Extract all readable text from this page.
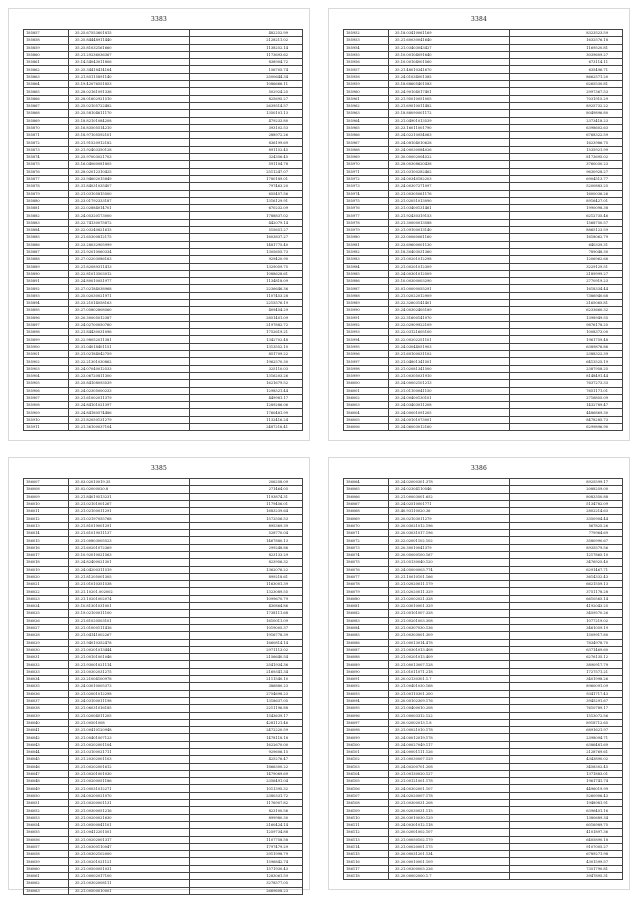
3383
185857	35.25.67553601815	482252.99
185858	35.25.84448911440	2128211.02
185859	35.25.81032161660	1138252.14
185860	35.21.29236036367	1173693.62
185861	35.14.54043011806	838904.72
185862	35.25.34418414164	156705.74
185863	35.21.85115891140	2500644.34
185864	35.19.42076551853	1086666.11
185865	35.28.02161091336	502924.25
185866	35.28.01602921510	825695.27
185867	35.25.02105722482	2639514.57
185868	35.25.58104611170	1350101.13
185869	35.18.82101084208	479233.80
185870	35.16.83505514210	393102.53
185871	35.18.97105592101	288972.26
185872	35.21.91520912182	836199.69
185873	35.21.92403350128	891152.45
185874	35.25.97003021703	324356.45
185875	35.16.04060081805	591104.78
185876	35.28.02012310425	2511247.07
185877	35.23.94602015849	1780189.01
185878	35.31.84031035407	797463.20
185879	35.21.03105815500	655457.56
185880	35.23.01792333187	1316129.91
185881	35.22.02884014701	670232.09
185882	35.24.05320173000	1788837.02
185883	35.22.74130075872	442079.14
185884	35.22.03240821615	515651.27
185885	35.21.65300812175	1603837.27
185886	35.23.28032905999	1481775.40
185887	35.21.92010060334	1305655.73
185888	35.27.02203086163	929420.90
185889	35.21.82089311413	1329059.75
185890	35.22.81013503012	1088628.61
185891	35.24.80010051977	1134818.09
185892	35.27.02184038968	2236646.36
185893	35.25.02030021971	1107453.28
185894	35.23.21014058163	2215576.19
185895	35.27.05802808560	409454.29
185896	35.20.30005012387	2851401.09
185897	35.24.02700050760	2197882.72
185898	35.21.84430031096	1752619.21
185899	35.22.98052011381	1342702.48
185900	35.31.04018401151	1313552.10
185901	35.21.02184042759	851709.22
185902	35.22.21301030862	1962570.30
185903	35.24.07040012533	325110.03
185904	35.23.06720811300	1316203.26
185905	35.25.84108093539	1621679.52
185906	35.24.02305000233	1298521.44
185907	35.21.61002011379	449981.17
185908	35.24.84101021397	1289286.06
185909	35.24.84180574486	1760481.99
185910	35.21.82050131279	1132416.24
185911	35.21.36100037104	2487216.41
3384
185952	35.18.03410061169	8323523.59
185953	35.21.60030041640	1632576.18
185954	35.21.03403043427	1169520.81
185955	35.10.00104091640	3039609.27
185956	35.10.00104001560	673114.11
185957	35.21.48010341670	635496.71
185958	35.24.01034001385	8662571.20
185959	35.18.68605401583	6265530.81
185960	35.24.90104017401	2997367.53
185961	35.21.95010051005	7031915.29
185962	35.21.69010011482	8925732.22
185963	35.18.88090001172	8049896.80
185964	35.21.04901013539	2373418.23
185965	35.23.16011001790	6398602.63
185966	35.24.02210054063	6768322.59
185967	35.24.08104010628	1623986.75
185968	35.24.00030084026	1535921.99
185969	35.30.00002004522	8173695.02
185970	35.28.00308620438	3760030.23
185971	35.21.03100282462	9630928.27
185972	35.24.00340182203	6904513.77
185973	35.24.00307271097	5200883.25
185974	35.21.00305061176	1600036.26
185975	35.21.02051013090	8916427.01
185976	35.21.03400131461	1990098.38
185977	35.21.92430319153	6212735.46
185978	35.21.30000013588	1568750.57
185979	35.21.09100013140	8865123.59
185980	35.23.00060061160	1618062.79
185981	35.23.69600001130	640339.31
185982	35.18.30403031360	789048.30
185983	35.21.00201012298	1206962.66
185984	35.21.00201012309	3229129.51
185985	35.24.00301012509	2189999.27
185986	35.10.00300003290	2770919.23
185987	35.01.00000055291	1618334.44
185988	35.21.02022012909	7386940.68
185989	35.22.32603141401	2165065.81
185990	35.24.00302405189	6233660.32
185991	35.22.31600141070	1398949.55
185992	35.22.02909922109	9876178.25
185993	35.22.03121605100	1008373.00
185994	35.22.00202251101	1961759.48
185995	35.24.03044051903	6389876.86
185996	35.21.60100031102	2388322.39
185997	35.21.04801341501	6413525.19
185998	35.21.02081341500	2387958.25
185999	35.21.00305031910	8148491.44
186000	35.24.00002101213	7637273.33
186001	35.21.01100041150	7651171.01
186002	35.24.00400130101	2716855.09
186003	35.24.03403011208	1432789.47
186004	35.24.00001091205	4486869.30
186005	35.24.00101073001	8478285.73
186006	35.24.06003012160	6299896.90
3385
186007	35.03.02010019.35	206258.09
186008	35.02.02000020.8	271464.05
186009	35.21.84019513231	1193874.31
186010	35.21.02101001267	1179456.01
186011	35.21.02100011291	1683239.64
186012	35.21.02197055768	1572556.53
186013	35.21.81019001291	895369.39
186014	35.21.61019011137	528770.04
186015	35.21.00803005523	1467880.13
186016	35.21.60201072369	299248.86
186017	35.10.92010021563	823133.29
186018	35.24.82400021301	823956.32
186019	35.24.04200311519	1362076.22
186020	35.21.81205001305	899218.61
186021	35.21.01010351538	1163001.39
186022	35.21.10201.002002	1323089.55
186023	35.21.10201002074	1099670.79
186024	35.10.81301031001	430864.86
186025	35.19.02100011100	1738111.68
186026	35.21.61020503101	1610011.09
186027	35.21.01000111416	1019005.37
186028	35.21.04141002267	1916778.39
186029	35.21.94010352478	1660814.14
186030	35.21.00201013444	2971113.02
186031	35.21.00101001046	2156640.54
186032	35.21.93001021114	2541934.36
186033	35.21.00302031275	2169341.34
186034	35.23.21004100978	2111540.10
186035	35.24.03010005373	386880.23
186036	35.21.02001012298	2754698.23
186037	35.24.03100011198	1318637.05
186038	35.21.06031016185	2211196.88
186039	35.21.02004011205	1543639.17
186040	35.21.00501008	4281121.46
186041	35.21.00410120948	2472220.59
186042	35.21.00401007123	1478118.18
186043	35.21.00202001104	1622670.00
186044	35.21.03100021711	929606.15
186045	35.21.20302001103	425276.47
186046	35.21.00202001612	1866300.22
186047	35.21.00201001030	1479069.69
186048	35.21.00200051186	2356491.04
186049	35.21.00031012271	1011395.32
186050	35.24.00200021070	2380331.72
186051	35.21.00200001131	1176907.82
186052	35.21.00300051216	823100.56
186053	35.21.00200021630	899980.30
186054	35.21.00500041101	2160424.14
186055	35.21.00412201501	1259734.88
186056	35.21.00202001317	1107758.58
186057	35.21.00300110047	1797479.29
186058	35.21.00302102000	2911998.79
186059	35.21.00201021121	1596842.74
186060	35.21.00500051031	1571930.43
186061	35.21.00002017100	1283061.59
186062	35.21.00302008111	3278577.05
186063	35.21.00500010001	2669608.23
3386
186064	35.24.02000301.378	8925599.17
186065	35.24.02304110546	2088259.00
186066	35.21.00003001.652	8083350.88
186067	35.24.02510001771	5134782.09
186068	35.40.93110020.36	2802214.63
186069	35.20.02103011279	3350904.44
186070	35.20.03021012.196	567825.26
186071	35.20.03031017.196	779964.69
186072	35.22.02001102.102	3580990.67
186073	35.20.30010041379	8935579.56
186074	35.20.05000100.167	1217865.10
186075	35.21.05130040.120	3476925.40
186076	35.24.05000003.774	6291467.71
186077	35.21.10010101.166	3614332.43
186078	35.21.02020011.179	6621559.13
186079	35.21.02020011.329	3751178.28
186080	35.21.02002021.328	6610565.14
186081	35.22.03010001.329	4192043.25
186082	35.21.00101007.328	3459570.26
186083	35.21.00201003.308	1077219.02
186084	35.21.00307030.136	3461059.19
186085	35.21.00303001.309	1509917.80
186086	35.21.00013014.478	7834978.70
186087	35.21.00301013.408	6371469.60
186088	35.21.00201013.409	6276135.12
186089	35.21.00013007.128	3890917.79
186090	35.21.01011071.218	1727571.21
186091	35.20.02130301.1.7	3401998.26
186092	35.21.00401030.168	8960091.09
186093	35.21.00110301.200	9341717.43
186094	35.20.00102309.176	3945291.67
186095	35.21.00400010.208	7610789.17
186096	35.21.00003312.122	1513072.56
186097	35.20.02002013.1.8	8918712.65
186098	35.21.00021010.178	6891621.97
186099	35.24.00012019.178	2398094.71
186100	35.24.00027049.117	6386481.69
186101	35.24.00001111.126	2128769.61
186102	35.21.00030007.129	4343890.02
186103	35.24.00200701.208	3458302.45
186104	35.21.00130020.127	1371883.01
186105	35.21.00121001.178	1961741.74
186106	35.24.00302001.107	4496019.99
186107	35.24.02020007.178	5260906.43
186108	35.21.00300031.208	1948981.91
186109	35.20.02030031.115	6396401.16
186110	35.20.03010030.129	1380689.34
186111	35.24.00301012.118	6016989.75
186112	35.20.02001002.107	4101897.36
186113	35.21.00050102.179	6405890.18
186114	35.21.00020001.175	9107005.27
186115	35.20.00031201.134	6789271.98
186116	35.20.00010001.109	4301599.57
186117	35.21.00300003.226	7351790.81
186118	35.20.00002000.1.7	3947895.31
